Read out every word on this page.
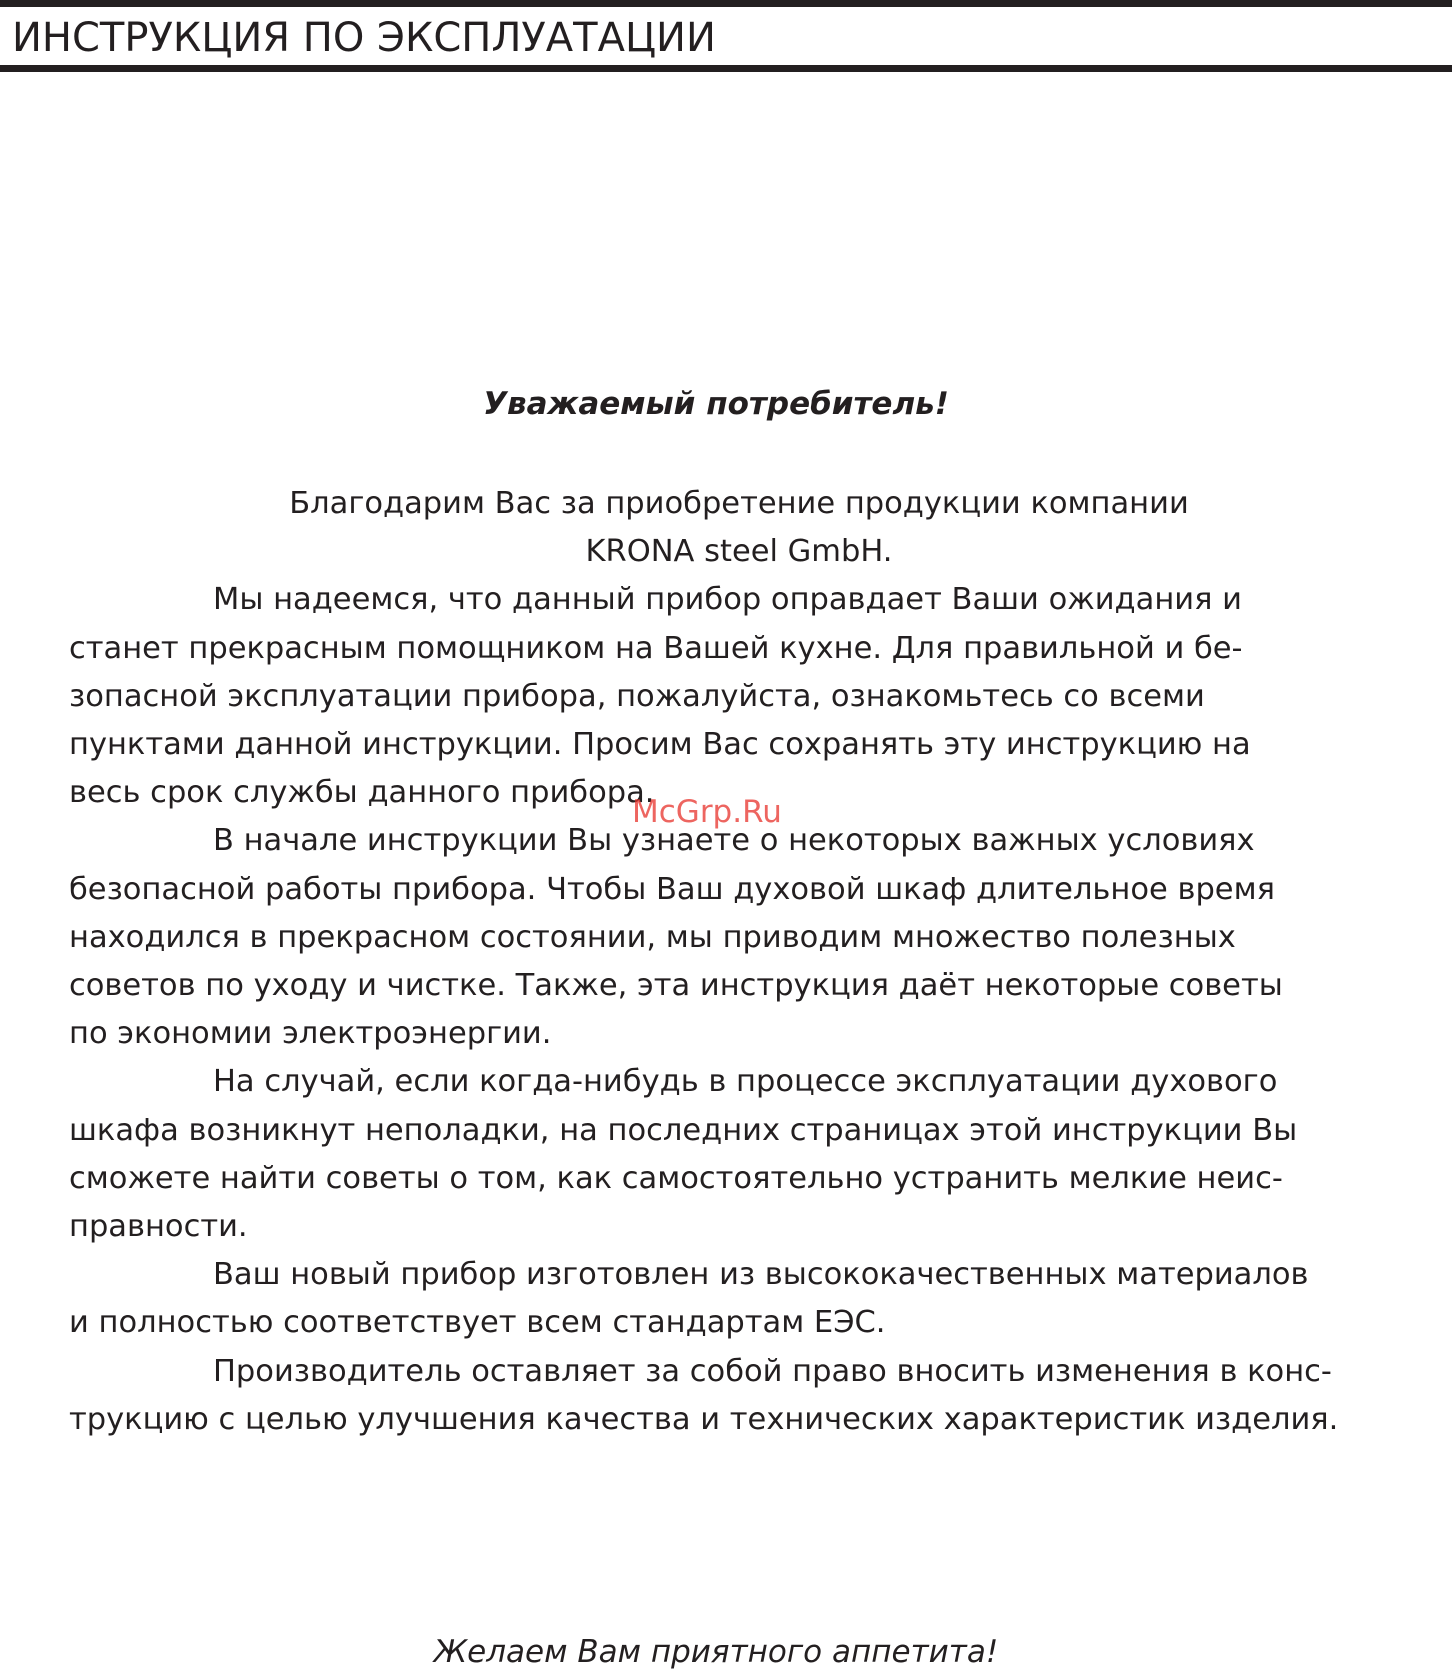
ИНСТРУКЦИЯ ПО ЭКСПЛУАТАЦИИ
Уважаемый потребитель!
Благодарим Вас за приобретение продукции компании
KRONA steel GmbH.
Мы надеемся, что данный прибор оправдает Ваши ожидания и
станет прекрасным помощником на Вашей кухне. Для правильной и бе-
зопасной эксплуатации прибора, пожалуйста, ознакомьтесь со всеми
пунктами данной инструкции. Просим Вас сохранять эту инструкцию на
весь срок службы данного прибора.
В начале инструкции Вы узнаете о некоторых важных условиях
безопасной работы прибора. Чтобы Ваш духовой шкаф длительное время
находился в прекрасном состоянии, мы приводим множество полезных
советов по уходу и чистке. Также, эта инструкция даёт некоторые советы
по экономии электроэнергии.
На случай, если когда-нибудь в процессе эксплуатации духового
шкафа возникнут неполадки, на последних страницах этой инструкции Вы
сможете найти советы о том, как самостоятельно устранить мелкие неис-
правности.
Ваш новый прибор изготовлен из высококачественных материалов
и полностью соответствует всем стандартам ЕЭС.
Производитель оставляет за собой право вносить изменения в конс-
трукцию с целью улучшения качества и технических характеристик изделия.
McGrp.Ru
Желаем Вам приятного аппетита!
